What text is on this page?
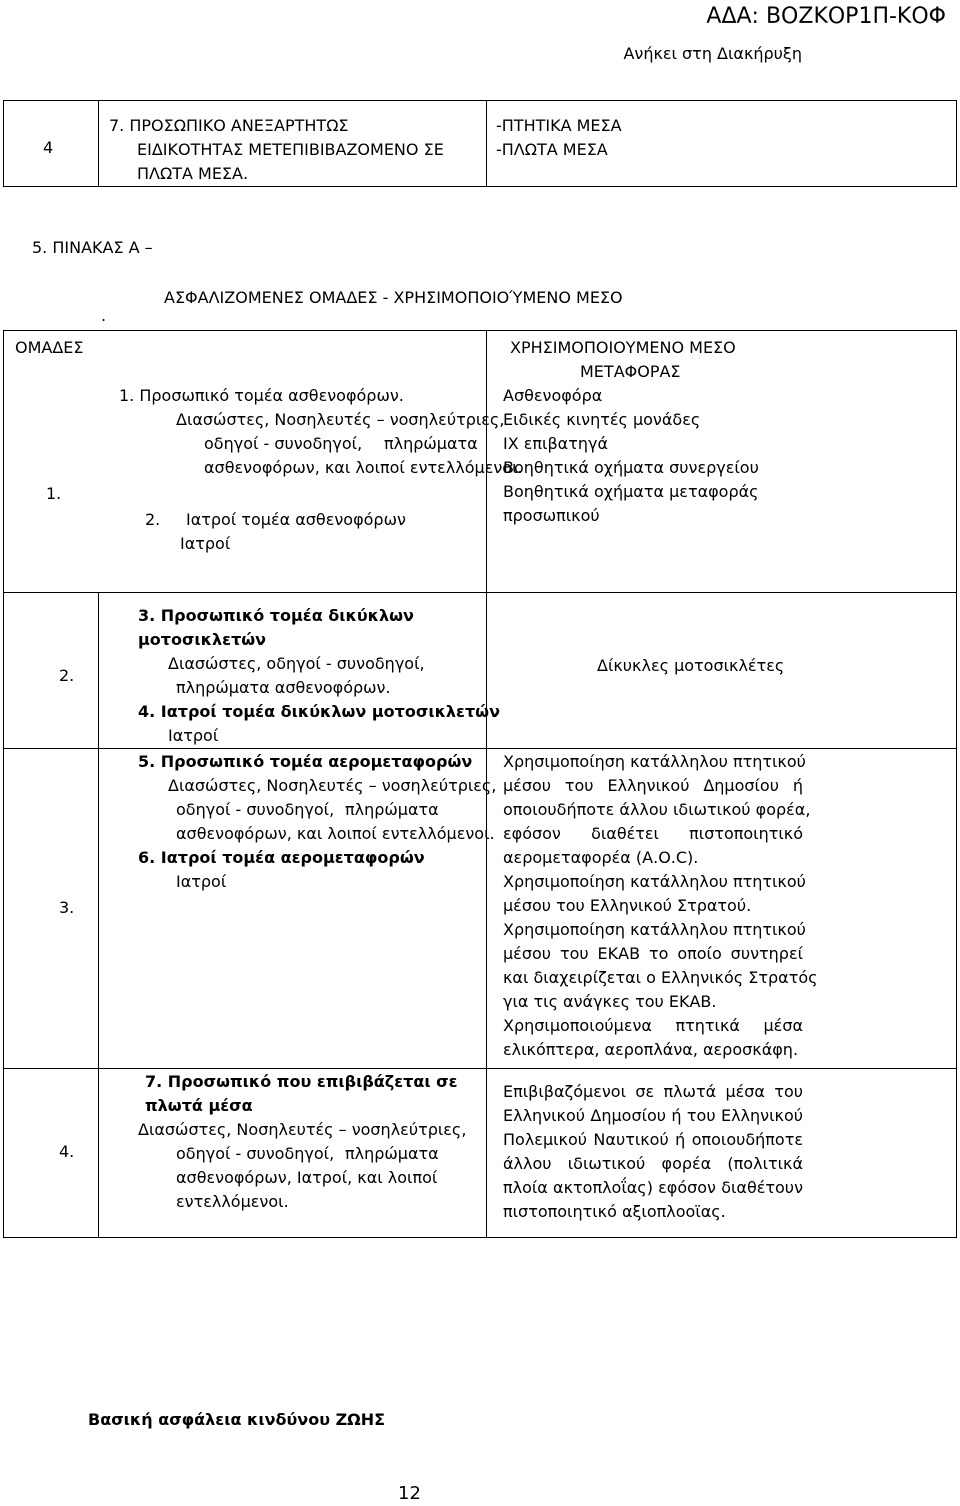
ΑΔΑ: ΒΟΖΚΟΡ1Π-ΚΟΦ
Ανήκει στη Διακήρυξη
4
7. ΠΡΟΣΩΠΙΚΟ ΑΝΕΞΑΡΤΗΤΩΣ
ΕΙΔΙΚΟΤΗΤΑΣ ΜΕΤΕΠΙΒΙΒΑΖΟΜΕΝΟ ΣΕ
ΠΛΩΤΑ ΜΕΣΑ.
-ΠΤΗΤΙΚΑ ΜΕΣΑ
-ΠΛΩΤΑ ΜΕΣΑ
5. ΠΙΝΑΚΑΣ Α –
ΑΣΦΑΛΙΖΟΜΕΝΕΣ ΟΜΑΔΕΣ - ΧΡΗΣΙΜΟΠΟΙΟΎΜΕΝΟ ΜΕΣΟ
.
ΟΜΑΔΕΣ	ΧΡΗΣΙΜΟΠΟΙΟΥΜΕΝΟ ΜΕΣΟ
ΜΕΤΑΦΟΡΑΣ
1.
1. Προσωπικό τομέα ασθενοφόρων.
Διασώστες, Νοσηλευτές – νοσηλεύτριες,
οδηγοί - συνοδηγοί, πληρώματα
ασθενοφόρων, και λοιποί εντελλόμενοι.
2. Ιατροί τομέα ασθενοφόρων
Ιατροί
Ασθενοφόρα
Ειδικές κινητές μονάδες
ΙΧ επιβατηγά
Βοηθητικά οχήματα συνεργείου
Βοηθητικά οχήματα μεταφοράς
προσωπικού
2.
3. Προσωπικό τομέα δικύκλων
μοτοσικλετών
Διασώστες, οδηγοί - συνοδηγοί,
πληρώματα ασθενοφόρων.
4. Ιατροί τομέα δικύκλων μοτοσικλετών
Ιατροί
Δίκυκλες μοτοσικλέτες
3.
5. Προσωπικό τομέα αερομεταφορών
Διασώστες, Νοσηλευτές – νοσηλεύτριες,
οδηγοί - συνοδηγοί, πληρώματα
ασθενοφόρων, και λοιποί εντελλόμενοι.
6. Ιατροί τομέα αερομεταφορών
Ιατροί
Χρησιμοποίηση κατάλληλου πτητικού
μέσου του Ελληνικού Δημοσίου ή
οποιουδήποτε άλλου ιδιωτικού φορέα,
εφόσον διαθέτει πιστοποιητικό
αερομεταφορέα (Α.Ο.C).
Χρησιμοποίηση κατάλληλου πτητικού
μέσου του Ελληνικού Στρατού.
Χρησιμοποίηση κατάλληλου πτητικού
μέσου του ΕΚΑΒ το οποίο συντηρεί
και διαχειρίζεται ο Ελληνικός Στρατός
για τις ανάγκες του ΕΚΑΒ.
Χρησιμοποιούμενα πτητικά μέσα
ελικόπτερα, αεροπλάνα, αεροσκάφη.
4.
7. Προσωπικό που επιβιβάζεται σε
πλωτά μέσα
Διασώστες, Νοσηλευτές – νοσηλεύτριες,
οδηγοί - συνοδηγοί, πληρώματα
ασθενοφόρων, Ιατροί, και λοιποί
εντελλόμενοι.
Επιβιβαζόμενοι σε πλωτά μέσα του
Ελληνικού Δημοσίου ή του Ελληνικού
Πολεμικού Ναυτικού ή οποιουδήποτε
άλλου ιδιωτικού φορέα (πολιτικά
πλοία ακτοπλοΐας) εφόσον διαθέτουν
πιστοποιητικό αξιοπλοοϊας.
Βασική ασφάλεια κινδύνου ΖΩΗΣ
12
